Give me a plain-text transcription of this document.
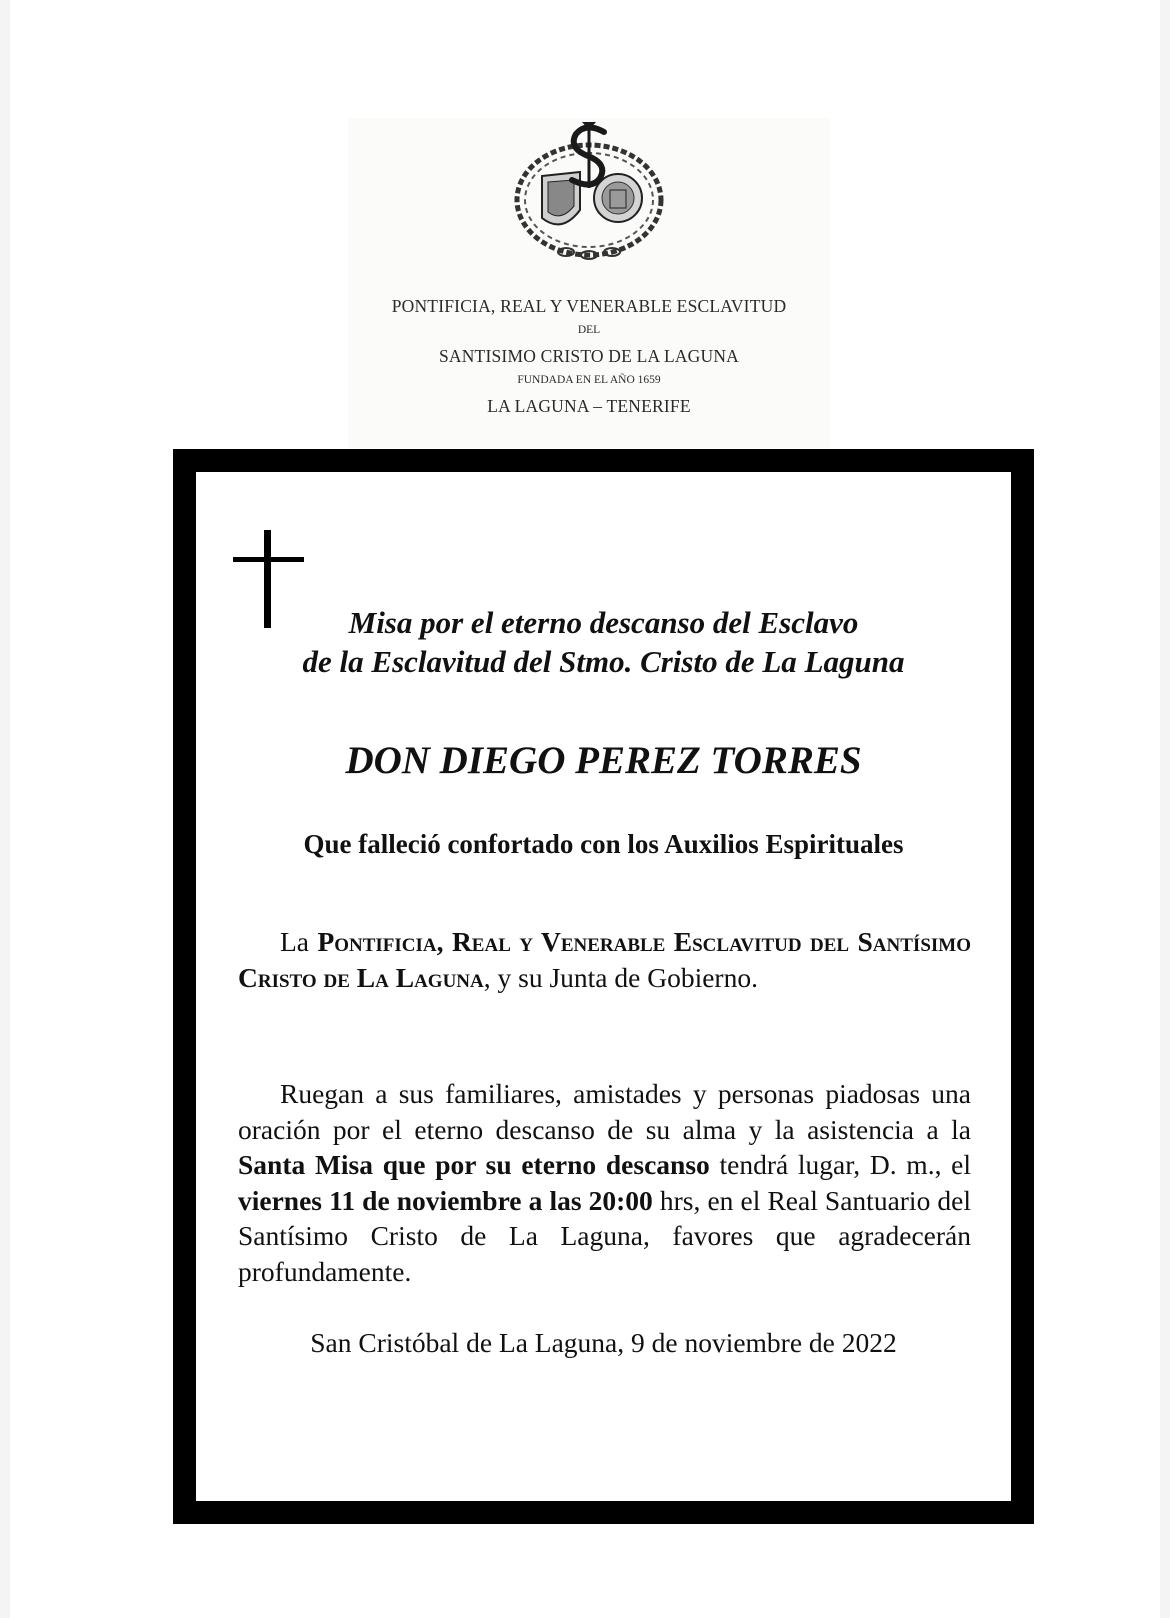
PONTIFICIA, REAL Y VENERABLE ESCLAVITUD
DEL
SANTISIMO CRISTO DE LA LAGUNA
FUNDADA EN EL AÑO 1659
LA LAGUNA – TENERIFE
Misa por el eterno descanso del Esclavo
de la Esclavitud del Stmo. Cristo de La Laguna
DON DIEGO PEREZ TORRES
Que falleció confortado con los Auxilios Espirituales

La Pontificia, Real y Venerable Esclavitud del Santísimo Cristo de La Laguna, y su Junta de Gobierno.

Ruegan a sus familiares, amistades y personas piadosas una oración por el eterno descanso de su alma y la asistencia a la Santa Misa que por su eterno descanso tendrá lugar, D. m., el viernes 11 de noviembre a las 20:00 hrs, en el Real Santuario del Santísimo Cristo de La Laguna, favores que agradecerán profundamente.

San Cristóbal de La Laguna, 9 de noviembre de 2022
